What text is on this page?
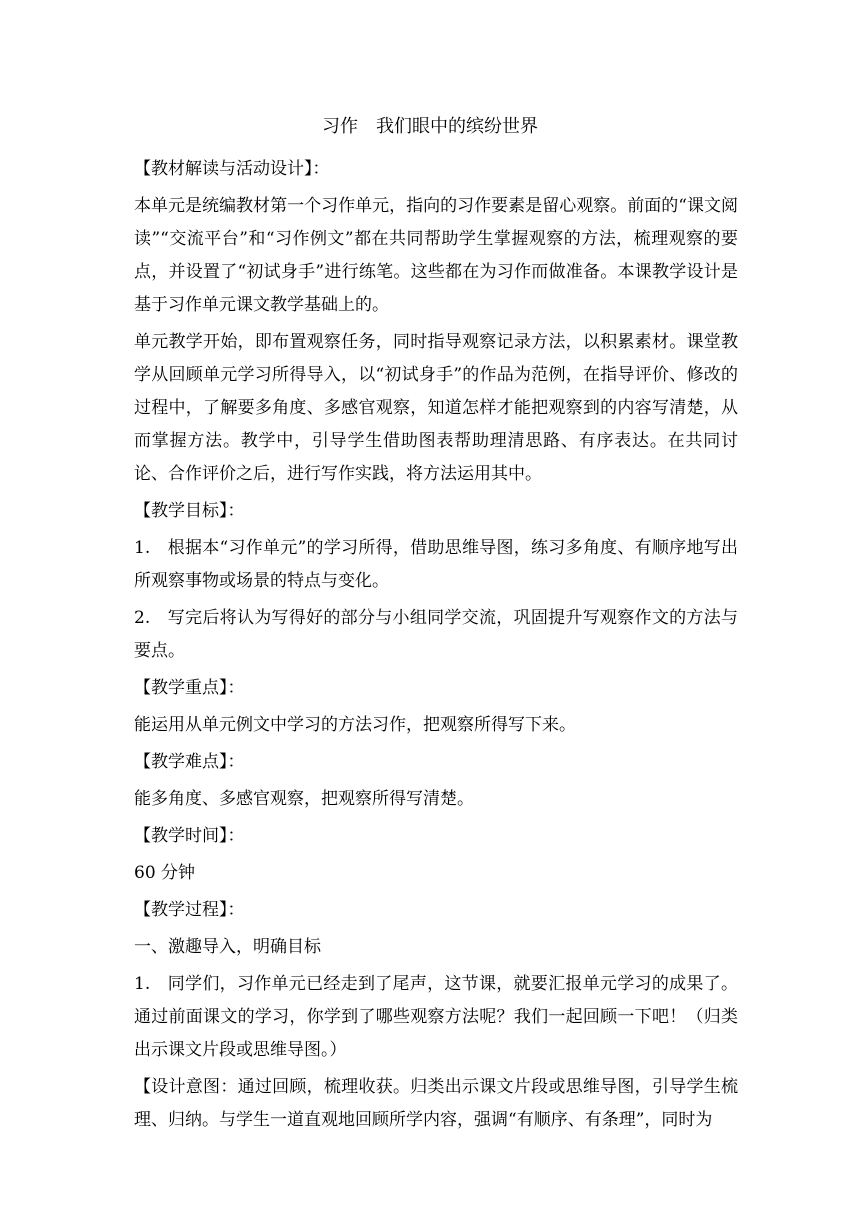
习作　我们眼中的缤纷世界

【教材解读与活动设计】：

本单元是统编教材第一个习作单元，指向的习作要素是留心观察。前面的“课文阅读”“交流平台”和“习作例文”都在共同帮助学生掌握观察的方法，梳理观察的要点，并设置了“初试身手”进行练笔。这些都在为习作而做准备。本课教学设计是基于习作单元课文教学基础上的。

单元教学开始，即布置观察任务，同时指导观察记录方法，以积累素材。课堂教学从回顾单元学习所得导入，以“初试身手”的作品为范例，在指导评价、修改的过程中，了解要多角度、多感官观察，知道怎样才能把观察到的内容写清楚，从而掌握方法。教学中，引导学生借助图表帮助理清思路、有序表达。在共同讨论、合作评价之后，进行写作实践，将方法运用其中。

【教学目标】：

1.　根据本“习作单元”的学习所得，借助思维导图，练习多角度、有顺序地写出所观察事物或场景的特点与变化。

2.　写完后将认为写得好的部分与小组同学交流，巩固提升写观察作文的方法与要点。

【教学重点】：

能运用从单元例文中学习的方法习作，把观察所得写下来。

【教学难点】：

能多角度、多感官观察，把观察所得写清楚。

【教学时间】：

60 分钟

【教学过程】：

一、激趣导入，明确目标

1.　同学们，习作单元已经走到了尾声，这节课，就要汇报单元学习的成果了。 通过前面课文的学习，你学到了哪些观察方法呢？我们一起回顾一下吧！（归类出示课文片段或思维导图。）

【设计意图：通过回顾，梳理收获。归类出示课文片段或思维导图，引导学生梳理、归纳。与学生一道直观地回顾所学内容，强调“有顺序、有条理”，同时为
